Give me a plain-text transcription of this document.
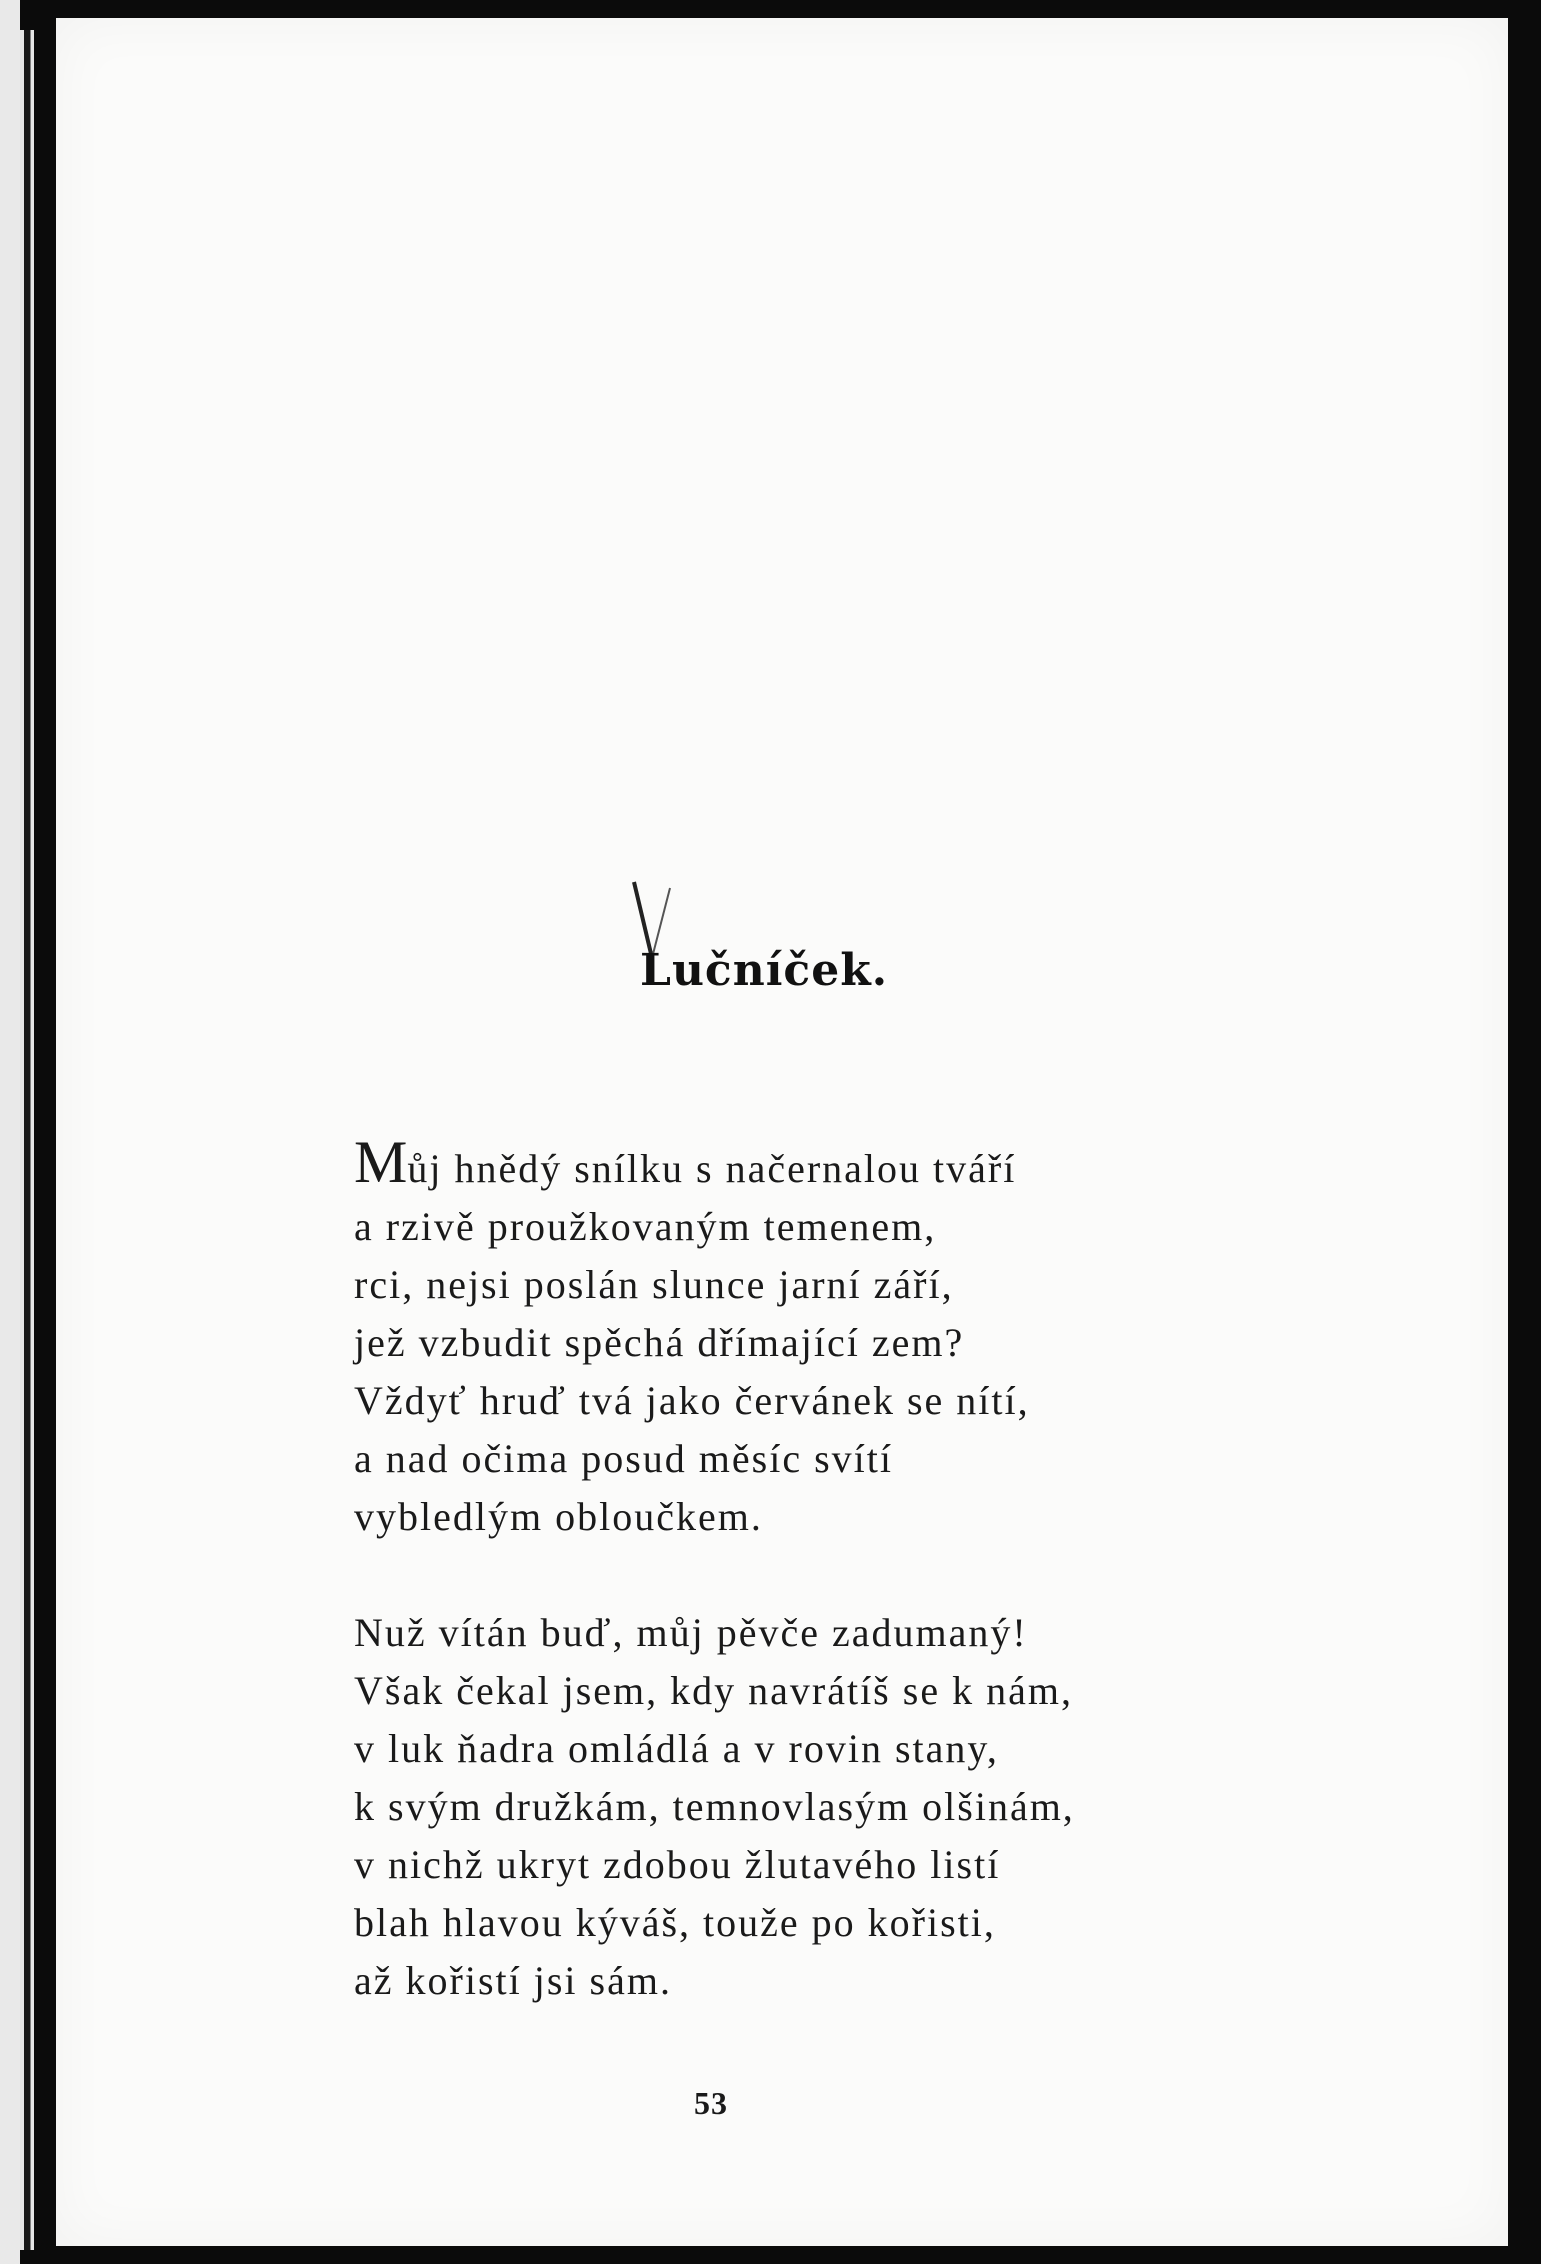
Lučníček.
Můj hnědý snílku s načernalou tváří
a rzivě proužkovaným temenem,
rci, nejsi poslán slunce jarní září,
jež vzbudit spěchá dřímající zem?
Vždyť hruď tvá jako červánek se nítí,
a nad očima posud měsíc svítí
vybledlým obloučkem.
Nuž vítán buď, můj pěvče zadumaný!
Však čekal jsem, kdy navrátíš se k nám,
v luk ňadra omládlá a v rovin stany,
k svým družkám, temnovlasým olšinám,
v nichž ukryt zdobou žlutavého listí
blah hlavou kýváš, touže po kořisti,
až kořistí jsi sám.
53
